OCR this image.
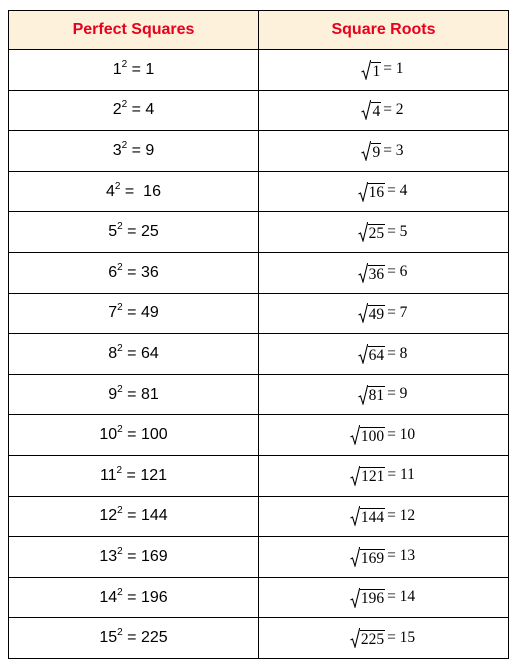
Perfect Squares	Square Roots
$1^2 = 1$	1 = 1
$2^2 = 4$	4 = 2
$3^2 = 9$	9 = 3
$4^2 = 16$	16 = 4
$5^2 = 25$	25 = 5
$6^2 = 36$	36 = 6
$7^2 = 49$	49 = 7
$8^2 = 64$	64 = 8
$9^2 = 81$	81 = 9
$10^2 = 100$	100 = 10
$11^2 = 121$	121 = 11
$12^2 = 144$	144 = 12
$13^2 = 169$	169 = 13
$14^2 = 196$	196 = 14
$15^2 = 225$	225 = 15
